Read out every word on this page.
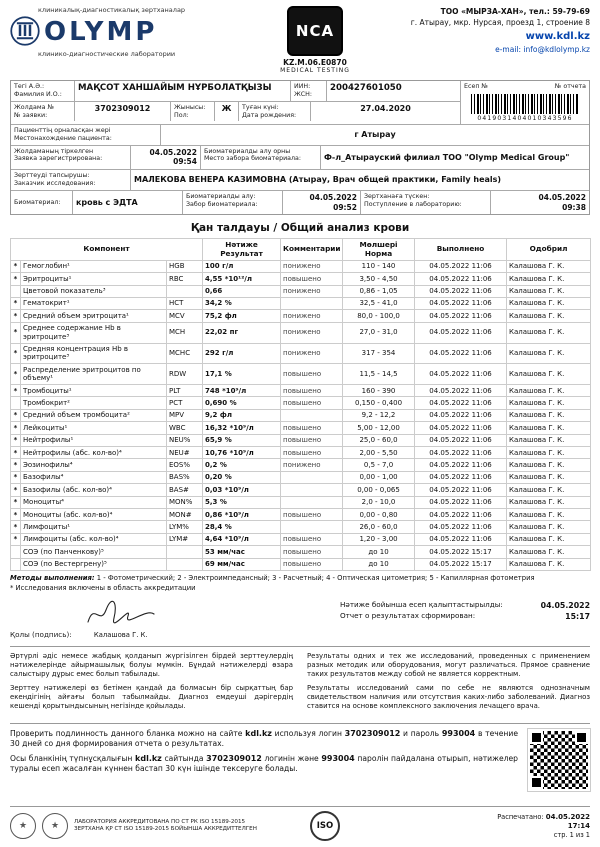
клиникалық-диагностикалық зертханалар
OLYMP
клинико-диагностические лаборатории
NCA
KZ.M.06.E0870
MEDICAL TESTING
ТОО «МЫРЗА-ХАН», тел.: 59-79-69
г. Атырау, мкр. Нурсая, проезд 1, строение 8
www.kdl.kz
e-mail: info@kdlolymp.kz
Тегі А.Ә.:
Фамилия И.О.:
МАҚСОТ ХАНШАЙЫМ НҰРБОЛАТҚЫЗЫ	ИИН:
ЖСН:
200427601050
Жолдама №
№ заявки:
3702309012	Жынысы:
Пол:
Ж	Туған күні:
Дата рождения:
27.04.2020
Есеп №	№ отчета
0419031404010343596
Пациенттің орналасқан жері
Местонахождение пациента:	г Атырау
Жолдаманың тіркелген
Заявка зарегистрирована:
04.05.2022
09:54
Биоматериалды алу орны
Место забора биоматериала:	Ф-л_Атырауский филиал ТОО "Olymp Medical Group"
Зерттеуді тапсырушы:
Заказчик исследования:	МАЛЕКОВА ВЕНЕРА КАЗИМОВНА (Атырау, Врач общей практики, Family heals)
Биоматериал: кровь с ЭДТА
Биоматериалды алу:
Забор биоматериала:
04.05.2022
09:52
Зертханаға түскен:
Поступление в лабораторию:
04.05.2022
09:38
Қан талдауы / Общий анализ крови
Компонент	Нәтиже
Результат	Комментарии	Мөлшері
Норма	Выполнено	Одобрил
*	Гемоглобин¹	HGB	100 г/л	понижено	110 - 140	04.05.2022 11:06	Калашова Г. К.
*	Эритроциты¹	RBC	4,55 *10¹²/л	повышено	3,50 - 4,50	04.05.2022 11:06	Калашова Г. К.
	Цветовой показатель³		0,66	понижено	0,86 - 1,05	04.05.2022 11:06	Калашова Г. К.
*	Гематокрит¹	HCT	34,2 %		32,5 - 41,0	04.05.2022 11:06	Калашова Г. К.
*	Средний объем эритроцита¹	MCV	75,2 фл	понижено	80,0 - 100,0	04.05.2022 11:06	Калашова Г. К.
*	Среднее содержание Hb в эритроците³	MCH	22,02 пг	понижено	27,0 - 31,0	04.05.2022 11:06	Калашова Г. К.
*	Средняя концентрация Hb в эритроците³	MCHC	292 г/л	понижено	317 - 354	04.05.2022 11:06	Калашова Г. К.
*	Распределение эритроцитов по объему¹	RDW	17,1 %	повышено	11,5 - 14,5	04.05.2022 11:06	Калашова Г. К.
*	Тромбоциты¹	PLT	748 *10⁹/л	повышено	160 - 390	04.05.2022 11:06	Калашова Г. К.
	Тромбокрит²	PCT	0,690 %	повышено	0,150 - 0,400	04.05.2022 11:06	Калашова Г. К.
*	Средний объем тромбоцита²	MPV	9,2 фл		9,2 - 12,2	04.05.2022 11:06	Калашова Г. К.
*	Лейкоциты¹	WBC	16,32 *10⁹/л	повышено	5,00 - 12,00	04.05.2022 11:06	Калашова Г. К.
*	Нейтрофилы¹	NEU%	65,9 %	повышено	25,0 - 60,0	04.05.2022 11:06	Калашова Г. К.
*	Нейтрофилы (абс. кол-во)⁴	NEU#	10,76 *10⁹/л	повышено	2,00 - 5,50	04.05.2022 11:06	Калашова Г. К.
*	Эозинофилы⁴	EOS%	0,2 %	понижено	0,5 - 7,0	04.05.2022 11:06	Калашова Г. К.
*	Базофилы⁴	BAS%	0,20 %		0,00 - 1,00	04.05.2022 11:06	Калашова Г. К.
*	Базофилы (абс. кол-во)⁴	BAS#	0,03 *10⁹/л		0,00 - 0,065	04.05.2022 11:06	Калашова Г. К.
*	Моноциты⁴	MON%	5,3 %		2,0 - 10,0	04.05.2022 11:06	Калашова Г. К.
*	Моноциты (абс. кол-во)⁴	MON#	0,86 *10⁹/л	повышено	0,00 - 0,80	04.05.2022 11:06	Калашова Г. К.
*	Лимфоциты¹	LYM%	28,4 %		26,0 - 60,0	04.05.2022 11:06	Калашова Г. К.
*	Лимфоциты (абс. кол-во)⁴	LYM#	4,64 *10⁹/л	повышено	1,20 - 3,00	04.05.2022 11:06	Калашова Г. К.
	СОЭ (по Панченкову)⁵		53 мм/час	повышено	до 10	04.05.2022 15:17	Калашова Г. К.
	СОЭ (по Вестергрену)⁵		69 мм/час	повышено	до 10	04.05.2022 15:17	Калашова Г. К.
Методы выполнения: 1 - Фотометрический; 2 - Электроимпедансный; 3 - Расчетный; 4 - Оптическая цитометрия; 5 - Капиллярная фотометрия
* Исследования включены в область аккредитации
Қолы (подпись):	Калашова Г. К.
Нәтиже бойынша есеп қалыптастырылды:	04.05.2022
Отчет о результатах сформирован:	15:17

Әртүрлі әдіс немесе жабдық қолданып жүргізілген бірдей зерттеулердің нәтижелерінде айырмашылық болуы мүмкін. Бұндай нәтижелерді өзара салыстыру дұрыс емес болып табылады.

Зерттеу нәтижелері өз бетімен қандай да болмасын бір сырқаттың бар екендігінің айғағы болып табылмайды. Диагноз емдеуші дәрігердің кешенді қорытындысының негізінде қойылады.

Результаты одних и тех же исследований, проведенных с применением разных методик или оборудования, могут различаться. Прямое сравнение таких результатов между собой не является корректным.

Результаты исследований сами по себе не являются однозначным свидетельством наличия или отсутствия каких-либо заболеваний. Диагноз ставится на основе комплексного заключения лечащего врача.

Проверить подлинность данного бланка можно на сайте kdl.kz используя логин 3702309012 и пароль 993004 в течение 30 дней со дня формирования отчета о результатах.

Осы бланкінің түпнұсқалығын kdl.kz сайтында 3702309012 логинін және 993004 паролін пайдалана отырып, нәтижелер туралы есеп жасалған күннен бастап 30 күн ішінде тексеруге болады.

★	★	ЛАБОРАТОРИЯ АККРЕДИТОВАНА ПО СТ РК ISO 15189-2015
ЗЕРТХАНА ҚР СТ ISO 15189-2015 БОЙЫНША АККРЕДИТТЕЛГЕН	ISO
Распечатано: 04.05.2022
17:14
стр. 1 из 1
